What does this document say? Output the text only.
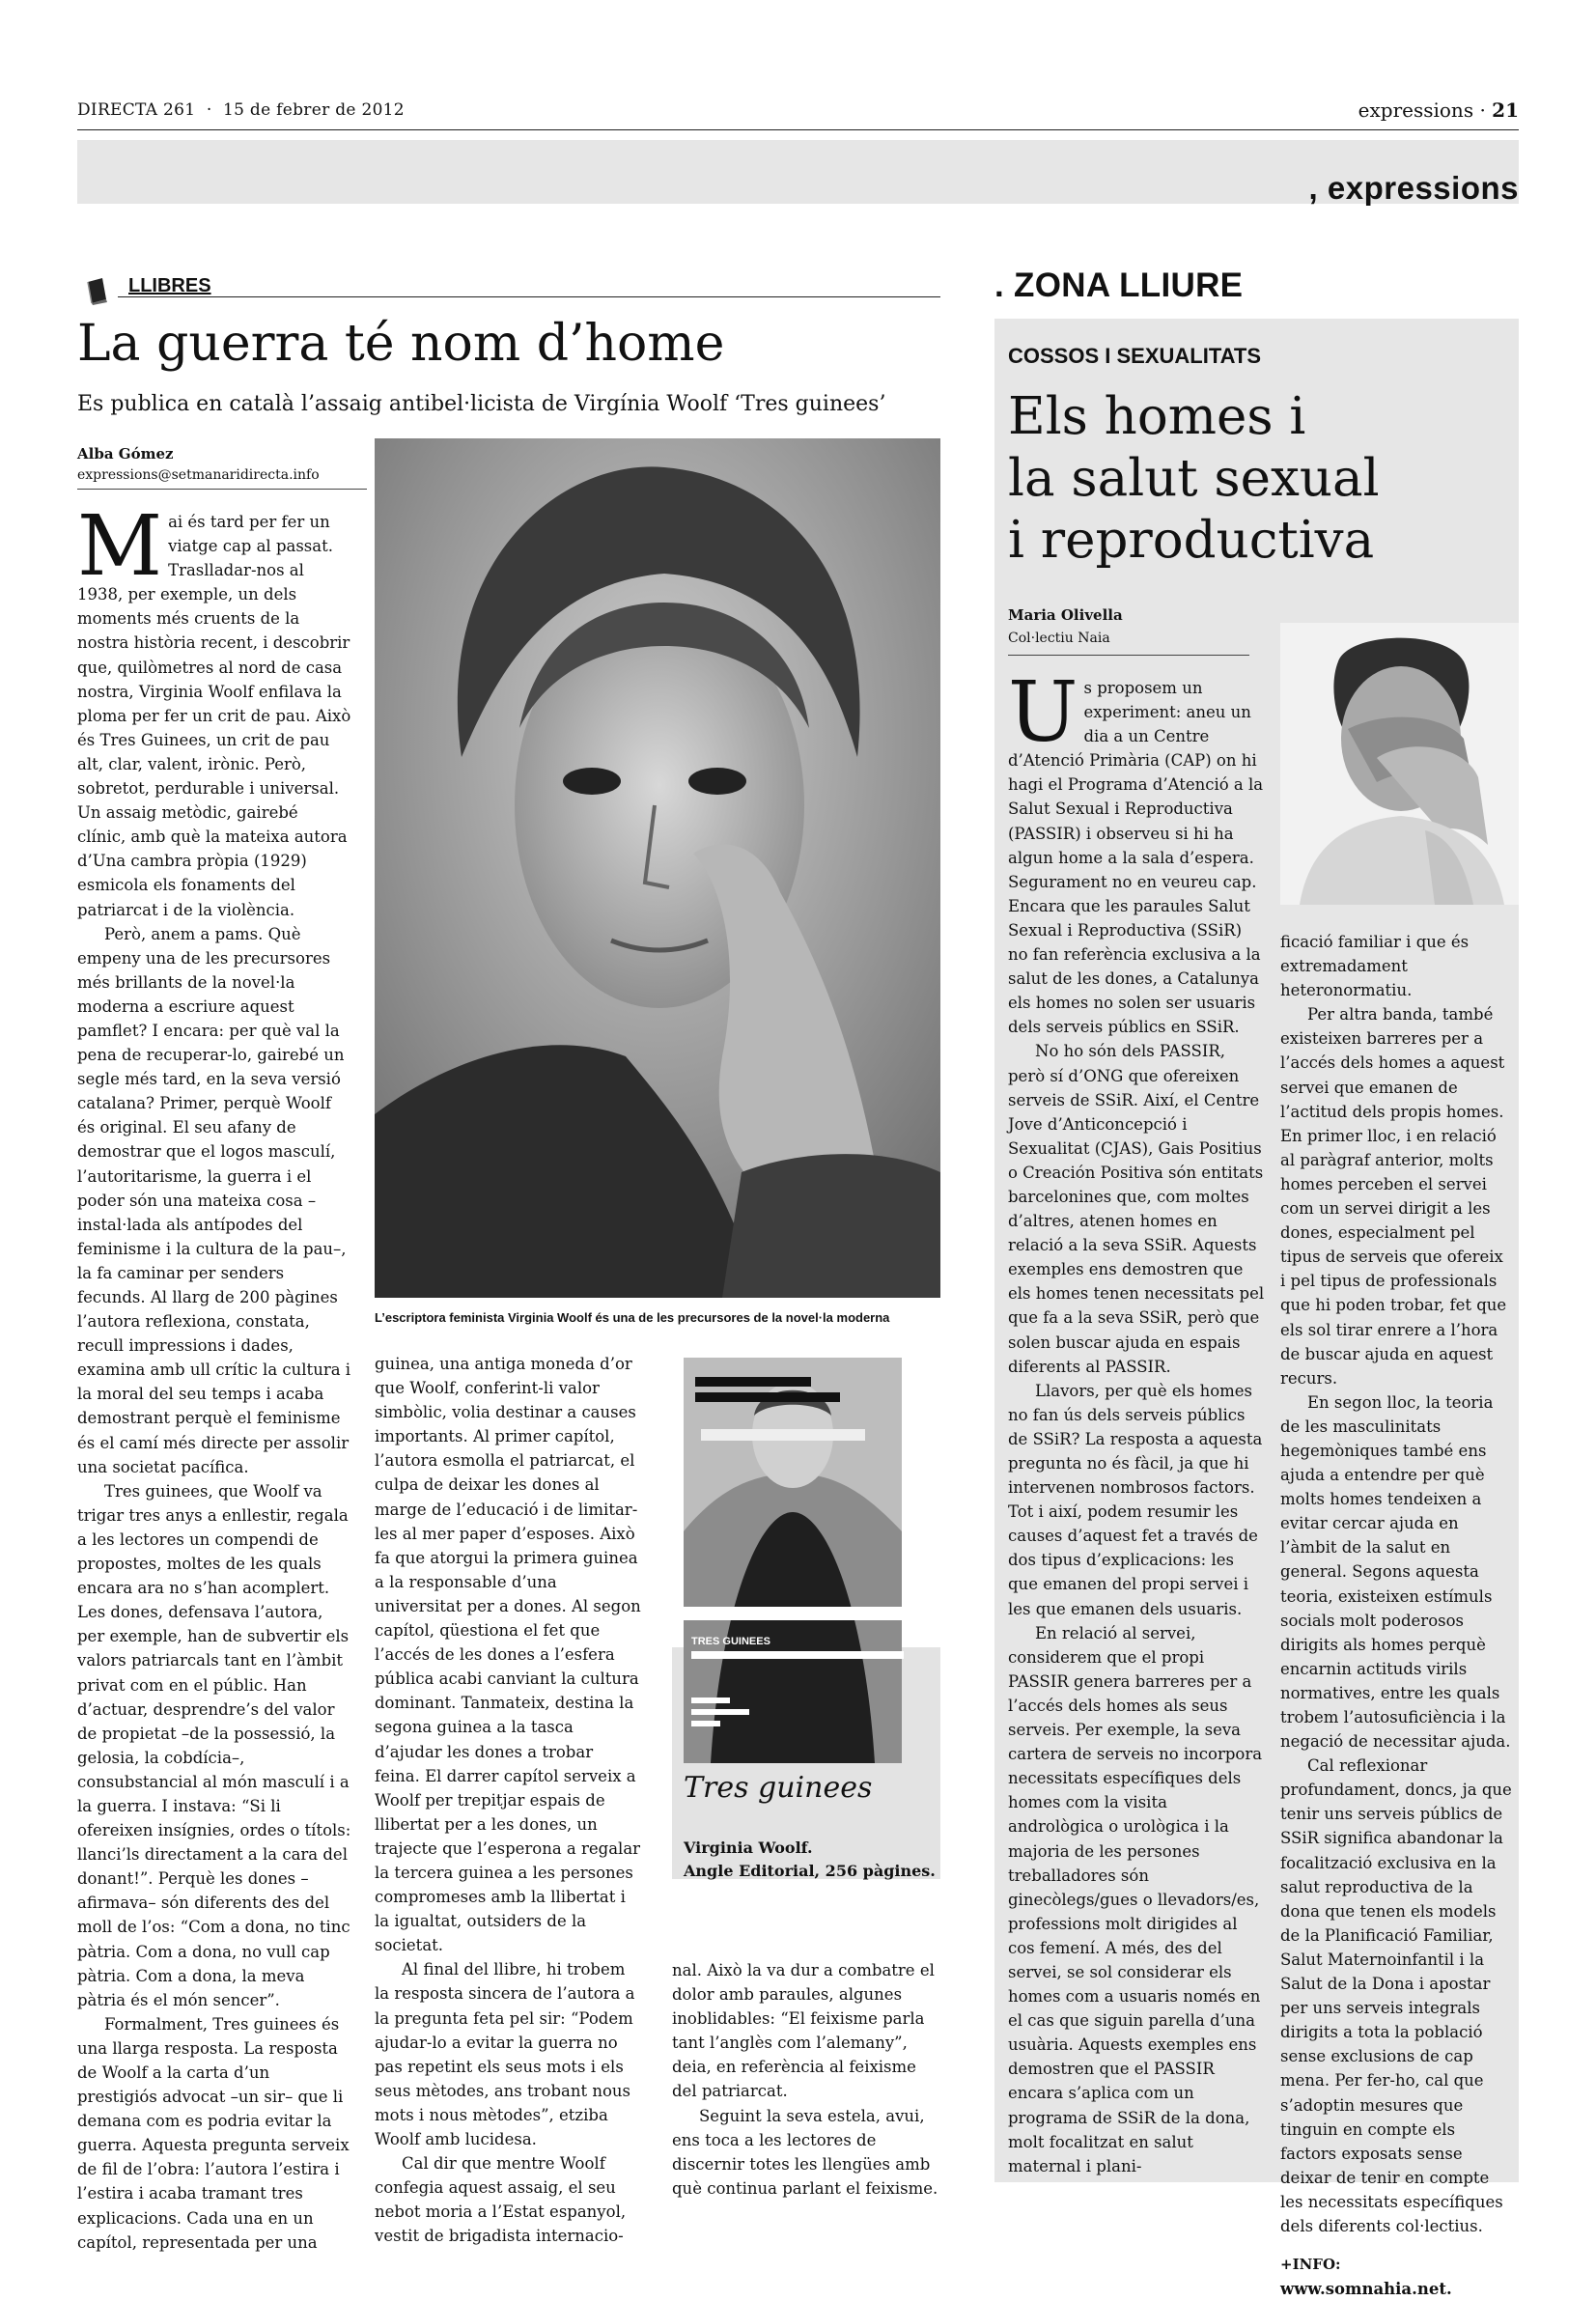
DIRECTA 261 · 15 de febrer de 2012	expressions · 21
, expressions
LLIBRES
La guerra té nom d’home
Es publica en català l’assaig antibel·licista de Virgínia Woolf ‘Tres guinees’
Alba Gómez
expressions@setmanaridirecta.info
L’escriptora feminista Virginia Woolf és una de les precursores de la novel·la moderna

Mai és tard per fer un viatge cap al passat. Traslladar-nos al 1938, per exemple, un dels moments més cruents de la nostra història recent, i descobrir que, quilòmetres al nord de casa nostra, Virginia Woolf enfilava la ploma per fer un crit de pau. Això és Tres Guinees, un crit de pau alt, clar, valent, irònic. Però, sobretot, perdurable i universal. Un assaig metòdic, gairebé clínic, amb què la mateixa autora d’Una cambra pròpia (1929) esmicola els fonaments del patriarcat i de la violència.

Però, anem a pams. Què empeny una de les precursores més brillants de la novel·la moderna a escriure aquest pamflet? I encara: per què val la pena de recuperar-lo, gairebé un segle més tard, en la seva versió catalana? Primer, perquè Woolf és original. El seu afany de demostrar que el logos masculí, l’autoritarisme, la guerra i el poder són una mateixa cosa –instal·lada als antípodes del feminisme i la cultura de la pau–, la fa caminar per senders fecunds. Al llarg de 200 pàgines l’autora reflexiona, constata, recull impressions i dades, examina amb ull crític la cultura i la moral del seu temps i acaba demostrant perquè el feminisme és el camí més directe per assolir una societat pacífica.

Tres guinees, que Woolf va trigar tres anys a enllestir, regala a les lectores un compendi de propostes, moltes de les quals encara ara no s’han acomplert. Les dones, defensava l’autora, per exemple, han de subvertir els valors patriarcals tant en l’àmbit privat com en el públic. Han d’actuar, desprendre’s del valor de propietat –de la possessió, la gelosia, la cobdícia–, consubstancial al món masculí i a la guerra. I instava: “Si li ofereixen insígnies, ordes o títols: llanci’ls directament a la cara del donant!”. Perquè les dones –afirmava– són diferents des del moll de l’os: “Com a dona, no tinc pàtria. Com a dona, no vull cap pàtria. Com a dona, la meva pàtria és el món sencer”.

Formalment, Tres guinees és una llarga resposta. La resposta de Woolf a la carta d’un prestigiós advocat –un sir– que li demana com es podria evitar la guerra. Aquesta pregunta serveix de fil de l’obra: l’autora l’estira i l’estira i acaba tramant tres explicacions. Cada una en un capítol, representada per una

guinea, una antiga moneda d’or que Woolf, conferint-li valor simbòlic, volia destinar a causes importants. Al primer capítol, l’autora esmolla el patriarcat, el culpa de deixar les dones al marge de l’educació i de limitar-les al mer paper d’esposes. Això fa que atorgui la primera guinea a la responsable d’una universitat per a dones. Al segon capítol, qüestiona el fet que l’accés de les dones a l’esfera pública acabi canviant la cultura dominant. Tanmateix, destina la segona guinea a la tasca d’ajudar les dones a trobar feina. El darrer capítol serveix a Woolf per trepitjar espais de llibertat per a les dones, un trajecte que l’esperona a regalar la tercera guinea a les persones compromeses amb la llibertat i la igualtat, outsiders de la societat.

Al final del llibre, hi trobem la resposta sincera de l’autora a la pregunta feta pel sir: “Podem ajudar-lo a evitar la guerra no pas repetint els seus mots i els seus mètodes, ans trobant nous mots i nous mètodes”, etziba Woolf amb lucidesa.

Cal dir que mentre Woolf confegia aquest assaig, el seu nebot moria a l’Estat espanyol, vestit de brigadista internacio-

TRES GUINEES
Tres guinees
Virginia Woolf.
Angle Editorial, 256 pàgines.

nal. Això la va dur a combatre el dolor amb paraules, algunes inoblidables: “El feixisme parla tant l’anglès com l’alemany”, deia, en referència al feixisme del patriarcat.

Seguint la seva estela, avui, ens toca a les lectores de discernir totes les llengües amb què continua parlant el feixisme.

. ZONA LLIURE
COSSOS I SEXUALITATS
Els homes i
la salut sexual
i reproductiva
Maria Olivella
Col·lectiu Naia

Us proposem un experiment: aneu un dia a un Centre d’Atenció Primària (CAP) on hi hagi el Programa d’Atenció a la Salut Sexual i Reproductiva (PASSIR) i observeu si hi ha algun home a la sala d’espera. Segurament no en veureu cap. Encara que les paraules Salut Sexual i Reproductiva (SSiR) no fan referència exclusiva a la salut de les dones, a Catalunya els homes no solen ser usuaris dels serveis públics en SSiR.

No ho són dels PASSIR, però sí d’ONG que ofereixen serveis de SSiR. Així, el Centre Jove d’Anticoncepció i Sexualitat (CJAS), Gais Positius o Creación Positiva són entitats barcelonines que, com moltes d’altres, atenen homes en relació a la seva SSiR. Aquests exemples ens demostren que els homes tenen necessitats pel que fa a la seva SSiR, però que solen buscar ajuda en espais diferents al PASSIR.

Llavors, per què els homes no fan ús dels serveis públics de SSiR? La resposta a aquesta pregunta no és fàcil, ja que hi intervenen nombrosos factors. Tot i així, podem resumir les causes d’aquest fet a través de dos tipus d’explicacions: les que emanen del propi servei i les que emanen dels usuaris.

En relació al servei, considerem que el propi PASSIR genera barreres per a l’accés dels homes als seus serveis. Per exemple, la seva cartera de serveis no incorpora necessitats específiques dels homes com la visita andrològica o urològica i la majoria de les persones treballadores són ginecòlegs/gues o llevadors/es, professions molt dirigides al cos femení. A més, des del servei, se sol considerar els homes com a usuaris només en el cas que siguin parella d’una usuària. Aquests exemples ens demostren que el PASSIR encara s’aplica com un programa de SSiR de la dona, molt focalitzat en salut maternal i plani-

ficació familiar i que és extremadament heteronormatiu.

Per altra banda, també existeixen barreres per a l’accés dels homes a aquest servei que emanen de l’actitud dels propis homes. En primer lloc, i en relació al paràgraf anterior, molts homes perceben el servei com un servei dirigit a les dones, especialment pel tipus de serveis que ofereix i pel tipus de professionals que hi poden trobar, fet que els sol tirar enrere a l’hora de buscar ajuda en aquest recurs.

En segon lloc, la teoria de les masculinitats hegemòniques també ens ajuda a entendre per què molts homes tendeixen a evitar cercar ajuda en l’àmbit de la salut en general. Segons aquesta teoria, existeixen estímuls socials molt poderosos dirigits als homes perquè encarnin actituds virils normatives, entre les quals trobem l’autosuficiència i la negació de necessitar ajuda.

Cal reflexionar profundament, doncs, ja que tenir uns serveis públics de SSiR significa abandonar la focalització exclusiva en la salut reproductiva de la dona que tenen els models de la Planificació Familiar, Salut Maternoinfantil i la Salut de la Dona i apostar per uns serveis integrals dirigits a tota la població sense exclusions de cap mena. Per fer-ho, cal que s’adoptin mesures que tinguin en compte els factors exposats sense deixar de tenir en compte les necessitats específiques dels diferents col·lectius.

+INFO: www.somnahia.net.
